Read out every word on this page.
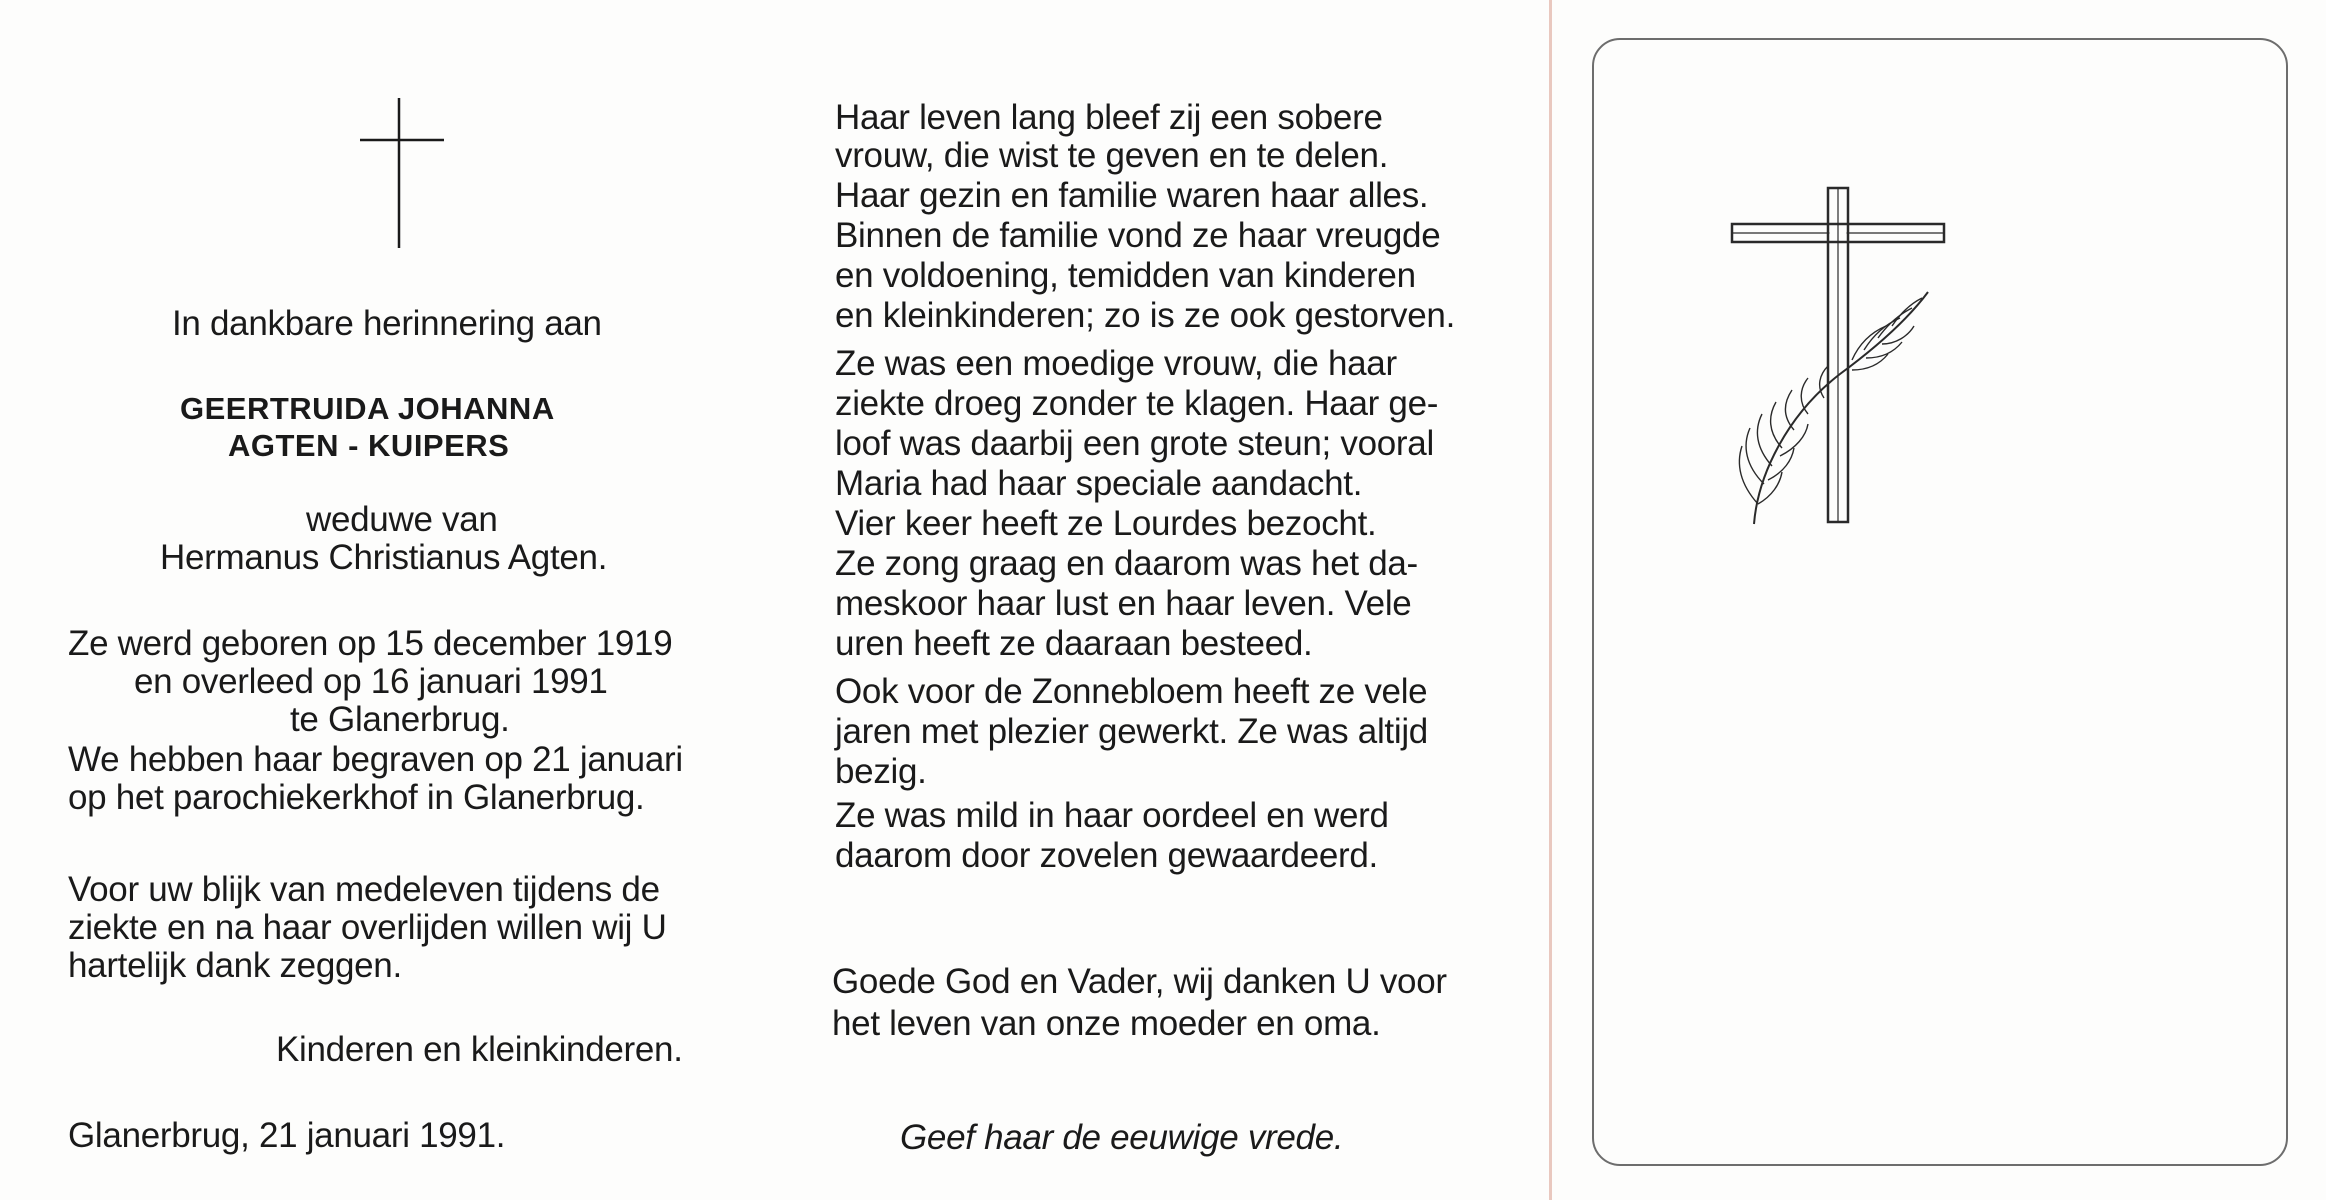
In dankbare herinnering aan
GEERTRUIDA JOHANNA
AGTEN - KUIPERS
weduwe van
Hermanus Christianus Agten.
Ze werd geboren op 15 december 1919
en overleed op 16 januari 1991
te Glanerbrug.
We hebben haar begraven op 21 januari
op het parochiekerkhof in Glanerbrug.
Voor uw blijk van medeleven tijdens de
ziekte en na haar overlijden willen wij U
hartelijk dank zeggen.
Kinderen en kleinkinderen.
Glanerbrug, 21 januari 1991.
Haar leven lang bleef zij een sobere
vrouw, die wist te geven en te delen.
Haar gezin en familie waren haar alles.
Binnen de familie vond ze haar vreugde
en voldoening, temidden van kinderen
en kleinkinderen; zo is ze ook gestorven.
Ze was een moedige vrouw, die haar
ziekte droeg zonder te klagen. Haar ge-
loof was daarbij een grote steun; vooral
Maria had haar speciale aandacht.
Vier keer heeft ze Lourdes bezocht.
Ze zong graag en daarom was het da-
meskoor haar lust en haar leven. Vele
uren heeft ze daaraan besteed.
Ook voor de Zonnebloem heeft ze vele
jaren met plezier gewerkt. Ze was altijd
bezig.
Ze was mild in haar oordeel en werd
daarom door zovelen gewaardeerd.
Goede God en Vader, wij danken U voor
het leven van onze moeder en oma.
Geef haar de eeuwige vrede.
